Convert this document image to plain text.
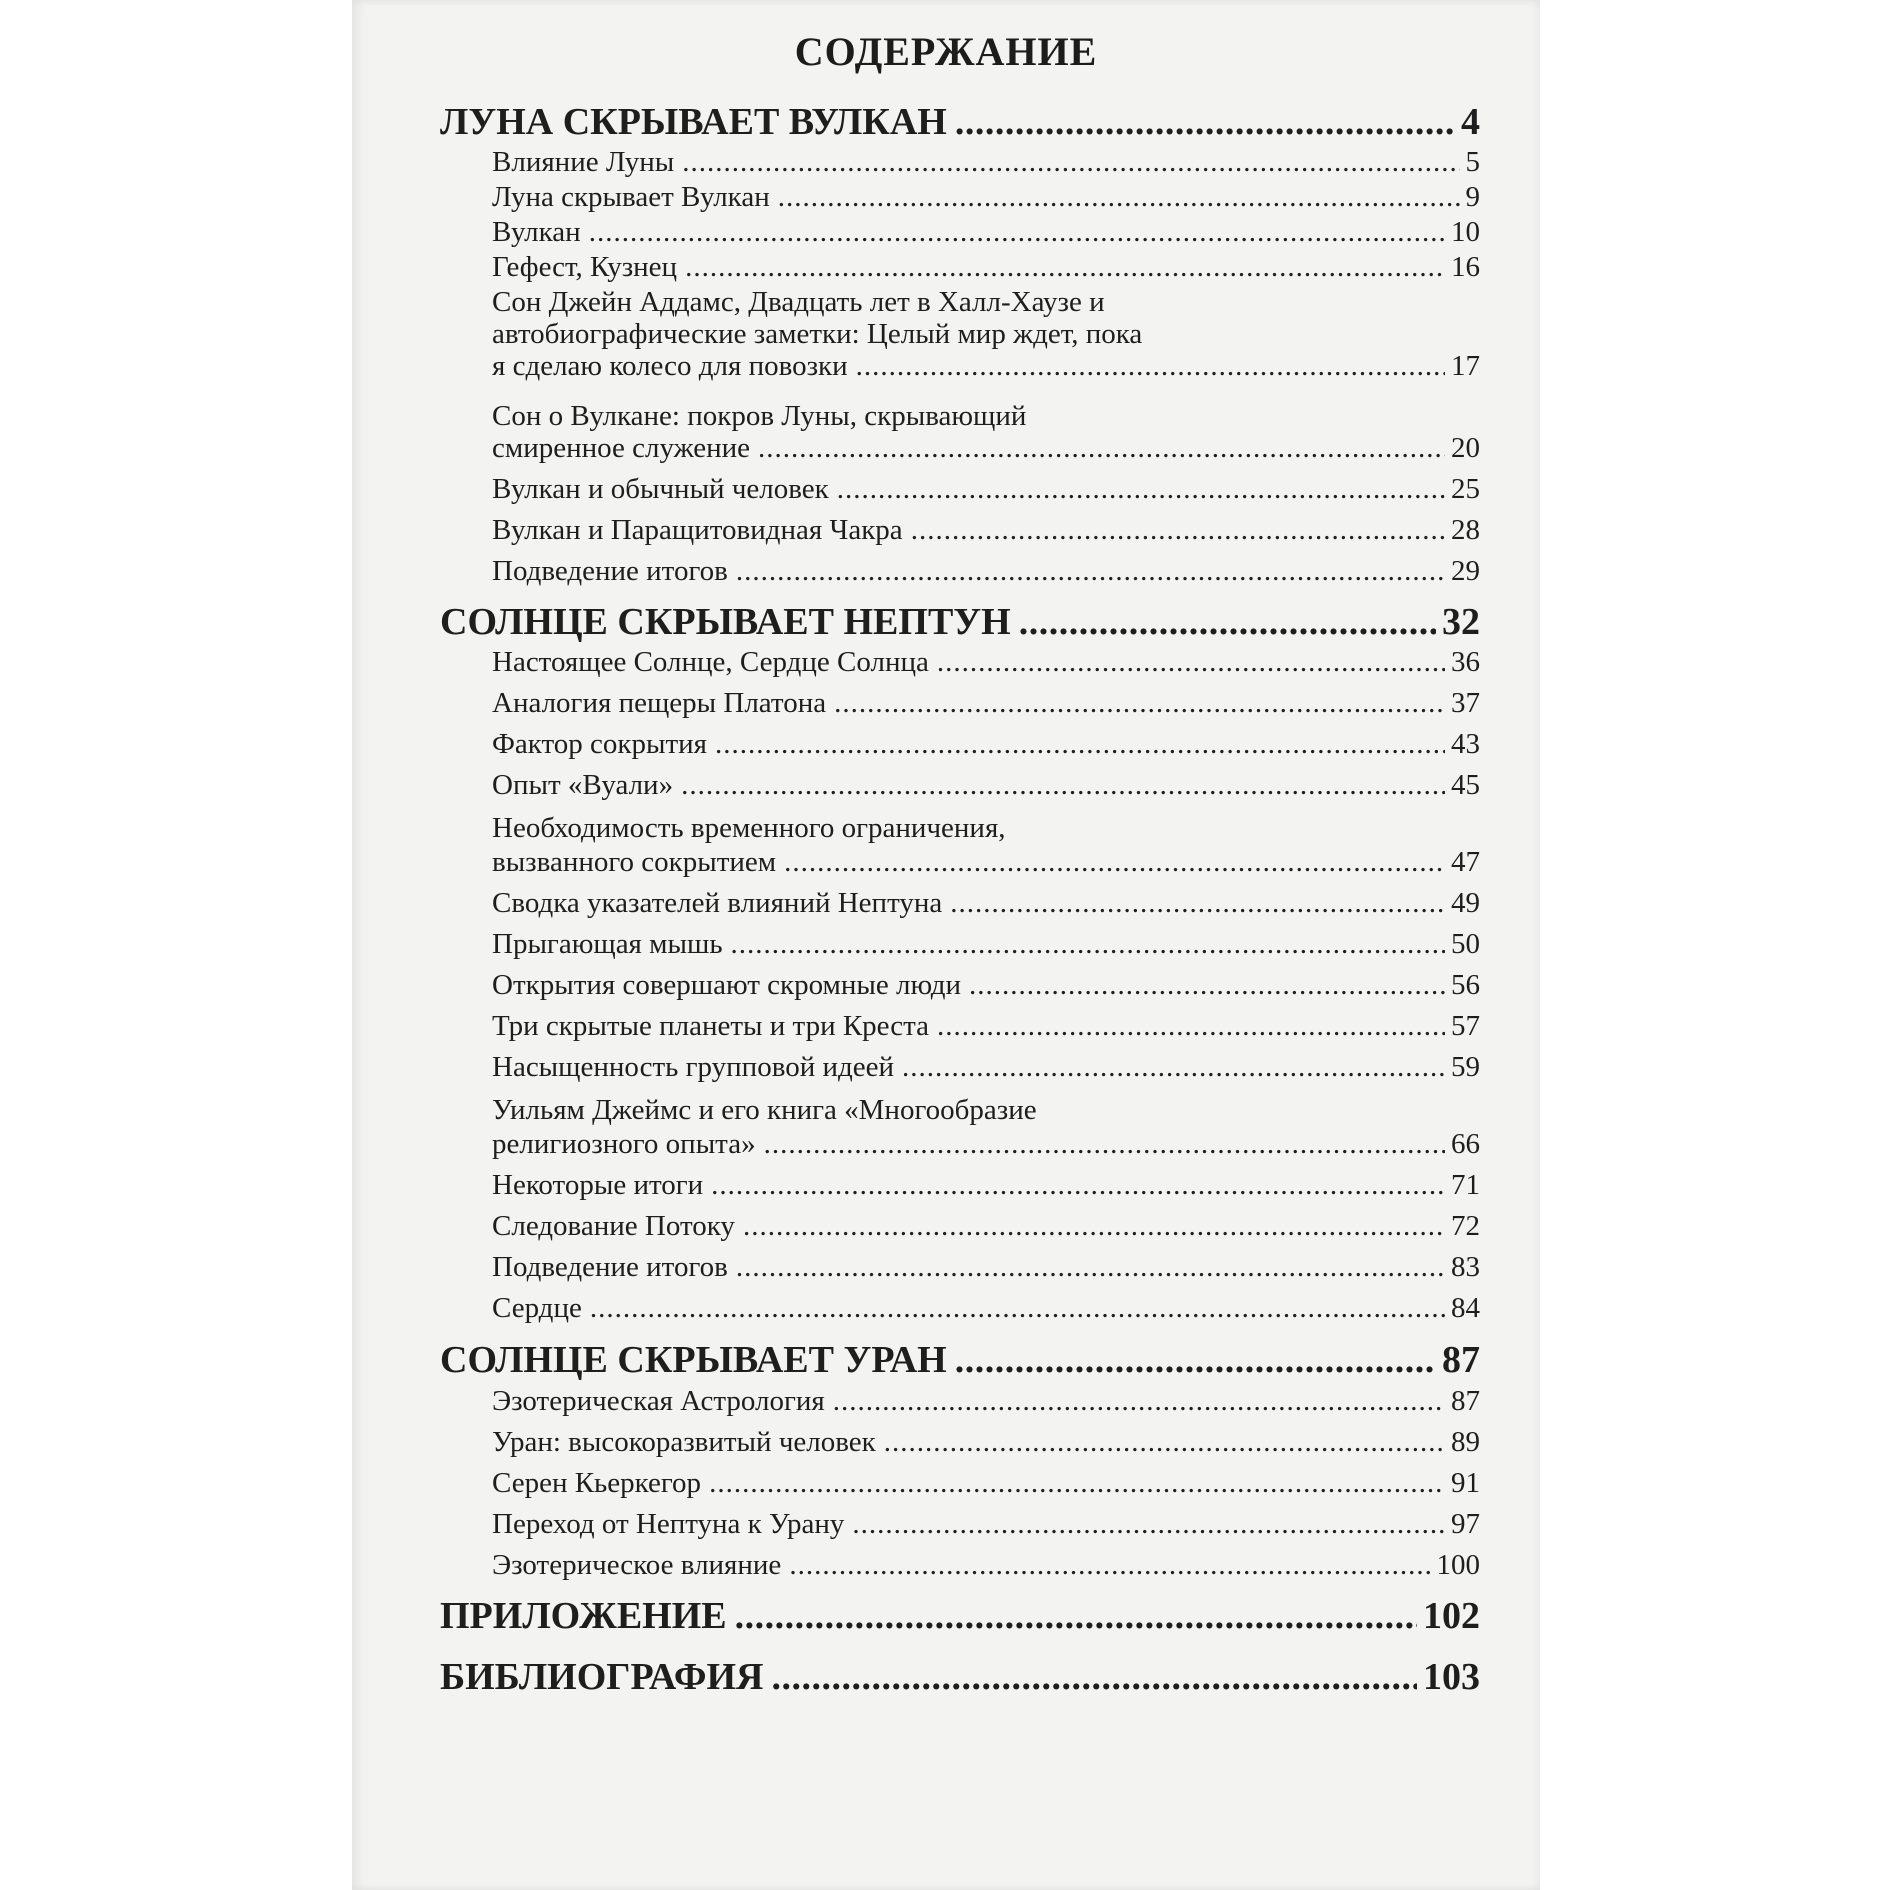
СОДЕРЖАНИЕ
ЛУНА СКРЫВАЕТ ВУЛКАН .....	4
Влияние Луны .....	5
Луна скрывает Вулкан .....	9
Вулкан .....	10
Гефест, Кузнец .....	16
Сон Джейн Аддамс, Двадцать лет в Халл-Хаузе и
автобиографические заметки: Целый мир ждет, пока
я сделаю колесо для повозки .....	17
Сон о Вулкане: покров Луны, скрывающий
смиренное служение .....	20
Вулкан и обычный человек .....	25
Вулкан и Паращитовидная Чакра .....	28
Подведение итогов .....	29
СОЛНЦЕ СКРЫВАЕТ НЕПТУН .....	32
Настоящее Солнце, Сердце Солнца .....	36
Аналогия пещеры Платона .....	37
Фактор сокрытия .....	43
Опыт «Вуали» .....	45
Необходимость временного ограничения,
вызванного сокрытием .....	47
Сводка указателей влияний Нептуна .....	49
Прыгающая мышь .....	50
Открытия совершают скромные люди .....	56
Три скрытые планеты и три Креста .....	57
Насыщенность групповой идеей .....	59
Уильям Джеймс и его книга «Многообразие
религиозного опыта» .....	66
Некоторые итоги .....	71
Следование Потоку .....	72
Подведение итогов .....	83
Сердце .....	84
СОЛНЦЕ СКРЫВАЕТ УРАН .....	87
Эзотерическая Астрология .....	87
Уран: высокоразвитый человек .....	89
Серен Кьеркегор .....	91
Переход от Нептуна к Урану .....	97
Эзотерическое влияние .....	100
ПРИЛОЖЕНИЕ .....	102
БИБЛИОГРАФИЯ .....	103
